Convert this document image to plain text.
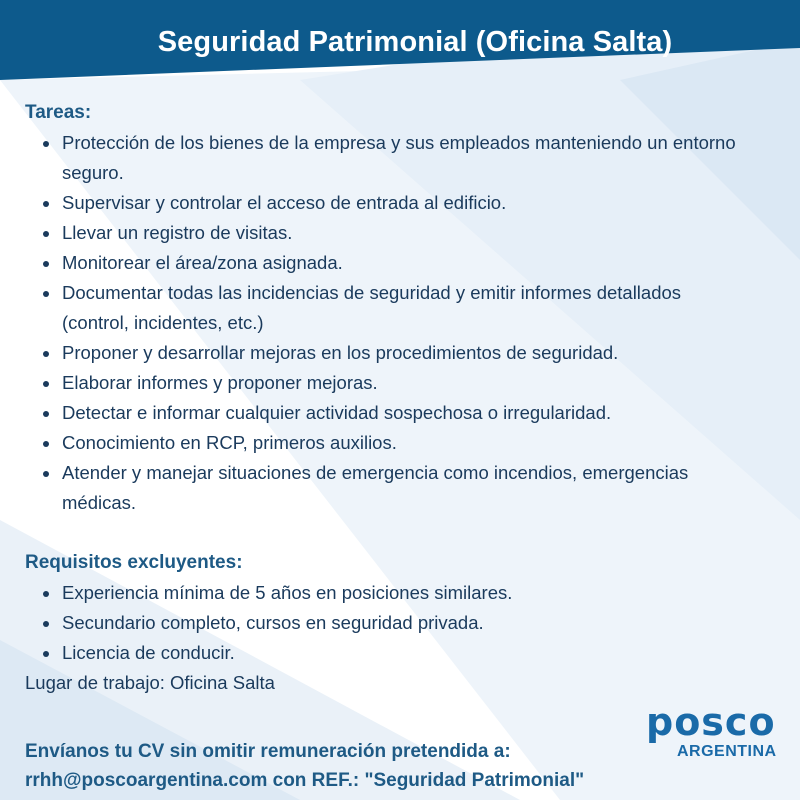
Seguridad Patrimonial (Oficina Salta)
Tareas:
Protección de los bienes de la empresa y sus empleados manteniendo un entorno seguro.
Supervisar y controlar el acceso de entrada al edificio.
Llevar un registro de visitas.
Monitorear el área/zona asignada.
Documentar todas las incidencias de seguridad y emitir informes detallados (control, incidentes, etc.)
Proponer y desarrollar mejoras en los procedimientos de seguridad.
Elaborar informes y proponer mejoras.
Detectar e informar cualquier actividad sospechosa o irregularidad.
Conocimiento en RCP, primeros auxilios.
Atender y manejar situaciones de emergencia como incendios, emergencias médicas.
Requisitos excluyentes:
Experiencia mínima de 5 años en posiciones similares.
Secundario completo, cursos en seguridad privada.
Licencia de conducir.
Lugar de trabajo: Oficina Salta
Envíanos tu CV sin omitir remuneración pretendida a:
rrhh@poscoargentina.com con REF.: "Seguridad Patrimonial"
posco
ARGENTINA
